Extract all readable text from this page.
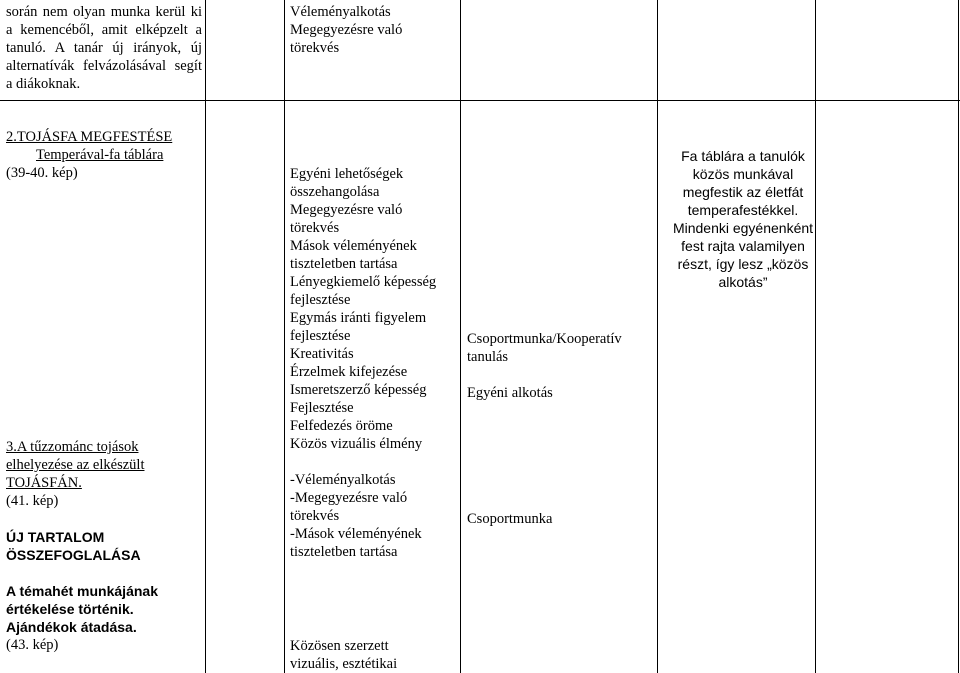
során nem olyan munka kerül ki a kemencéből, amit elképzelt a tanuló. A tanár új irányok, új alternatívák felvázolásával segít a diákoknak.

Véleményalkotás

Megegyezésre való

törekvés

2.TOJÁSFA MEGFESTÉSE

Temperával-fa táblára

(39-40. kép)

3.A tűzzománc tojások elhelyezése az elkészült TOJÁSFÁN.

(41. kép)

ÚJ TARTALOM

ÖSSZEFOGLALÁSA

A témahét munkájának

értékelése történik.

Ajándékok átadása.

(43. kép)

Egyéni lehetőségek

összehangolása

Megegyezésre való

törekvés

Mások véleményének

tiszteletben tartása

Lényegkiemelő képesség

fejlesztése

Egymás iránti figyelem

fejlesztése

Kreativitás

Érzelmek kifejezése

Ismeretszerző képesség

Fejlesztése

Felfedezés öröme

Közös vizuális élmény

-Véleményalkotás

-Megegyezésre való

törekvés

-Mások véleményének

tiszteletben tartása

Közösen szerzett

vizuális, esztétikai

Csoportmunka/Kooperatív

tanulás

Egyéni alkotás

Csoportmunka

Fa táblára a tanulók közös munkával megfestik az életfát temperafestékkel. Mindenki egyénenként fest rajta valamilyen részt, így lesz „közös alkotás”
